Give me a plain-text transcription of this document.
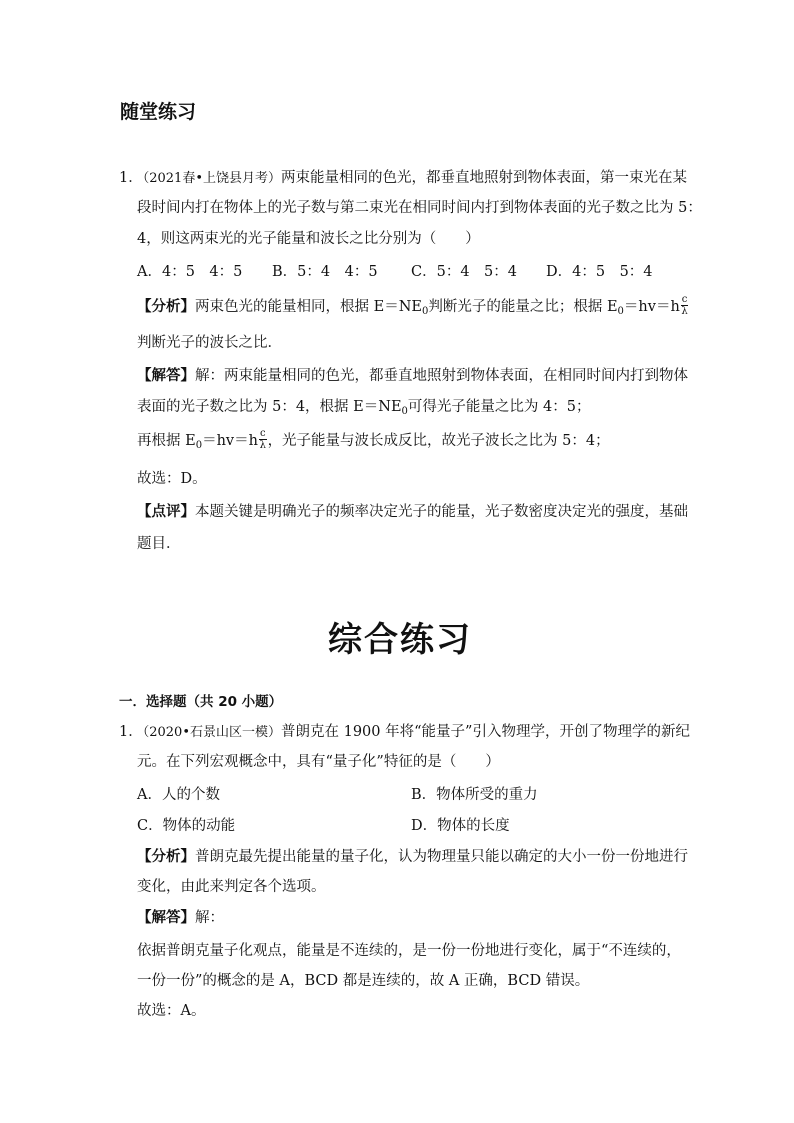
随堂练习
1．（2021春•上饶县月考）两束能量相同的色光，都垂直地照射到物体表面，第一束光在某
段时间内打在物体上的光子数与第二束光在相同时间内打到物体表面的光子数之比为 5：
4，则这两束光的光子能量和波长之比分别为（　　）
A．4：5　4：5 B．5：4　4：5 C．5：4　5：4 D．4：5　5：4
【分析】两束色光的能量相同，根据 $E=NE_0$判断光子的能量之比；根据 $E_0=hv=h \frac{c}{\lambda}$
判断光子的波长之比．
【解答】解：两束能量相同的色光，都垂直地照射到物体表面，在相同时间内打到物体
表面的光子数之比为 5：4，根据 $E=NE_0$可得光子能量之比为 4：5；
再根据 $E_0=hv=h \frac{c}{\lambda}$ ，光子能量与波长成反比，故光子波长之比为 5：4；
故选：D。
【点评】本题关键是明确光子的频率决定光子的能量，光子数密度决定光的强度，基础
题目．
综合练习
一．选择题（共 20 小题）
1．（2020•石景山区一模）普朗克在 1900 年将“能量子”引入物理学，开创了物理学的新纪
元。在下列宏观概念中，具有“量子化”特征的是（　　）
A．人的个数	B．物体所受的重力
C．物体的动能	D．物体的长度
【分析】普朗克最先提出能量的量子化，认为物理量只能以确定的大小一份一份地进行
变化，由此来判定各个选项。
【解答】解：
依据普朗克量子化观点，能量是不连续的，是一份一份地进行变化，属于“不连续的，
一份一份”的概念的是 A，BCD 都是连续的，故 A 正确，BCD 错误。
故选：A。
